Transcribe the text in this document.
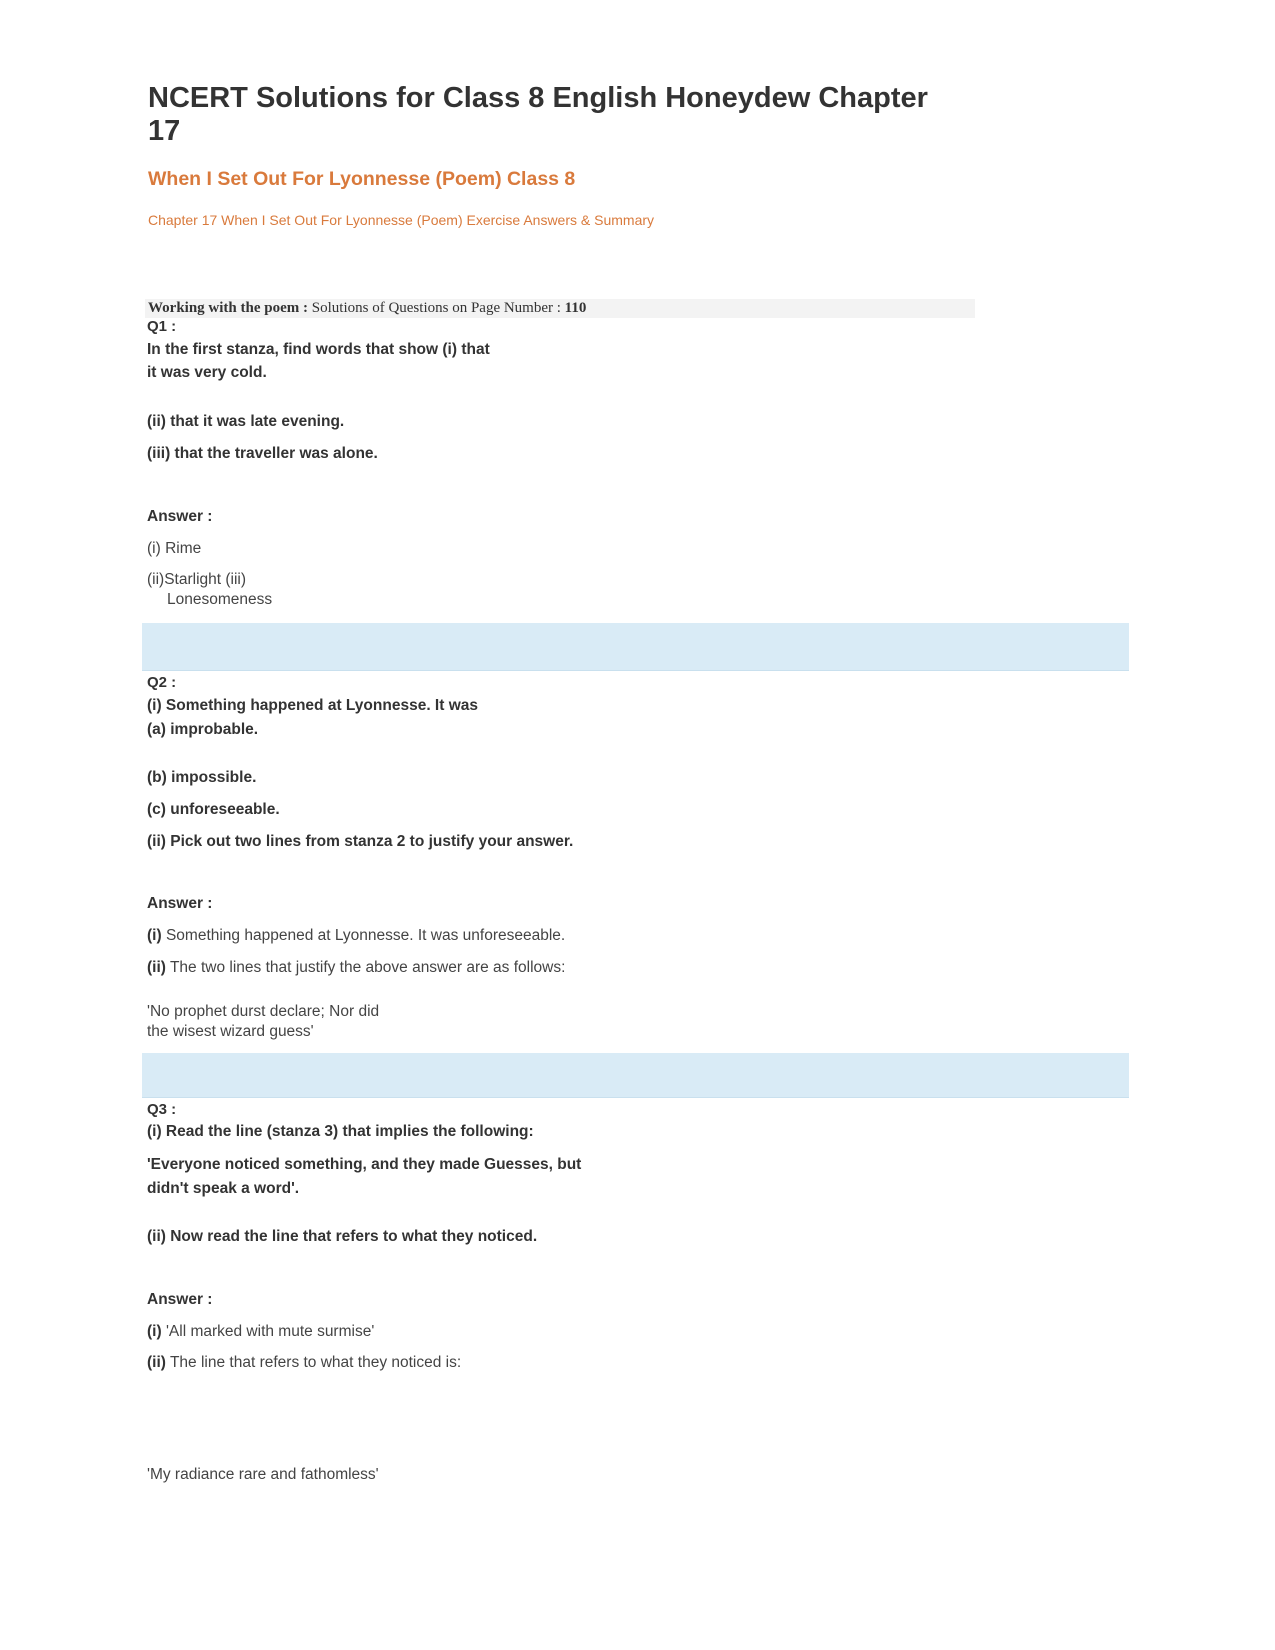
NCERT Solutions for Class 8 English Honeydew Chapter
17
When I Set Out For Lyonnesse (Poem) Class 8
Chapter 17 When I Set Out For Lyonnesse (Poem) Exercise Answers & Summary
Working with the poem : Solutions of Questions on Page Number : 110
Q1 :
In the first stanza, find words that show (i) that
it was very cold.
(ii) that it was late evening.
(iii) that the traveller was alone.
Answer :
(i) Rime
(ii)Starlight (iii)
Lonesomeness
Q2 :
(i) Something happened at Lyonnesse. It was
(a) improbable.
(b) impossible.
(c) unforeseeable.
(ii) Pick out two lines from stanza 2 to justify your answer.
Answer :
(i) Something happened at Lyonnesse. It was unforeseeable.
(ii) The two lines that justify the above answer are as follows:
'No prophet durst declare; Nor did
the wisest wizard guess'
Q3 :
(i) Read the line (stanza 3) that implies the following:
'Everyone noticed something, and they made Guesses, but
didn't speak a word'.
(ii) Now read the line that refers to what they noticed.
Answer :
(i) 'All marked with mute surmise'
(ii) The line that refers to what they noticed is:
'My radiance rare and fathomless'
